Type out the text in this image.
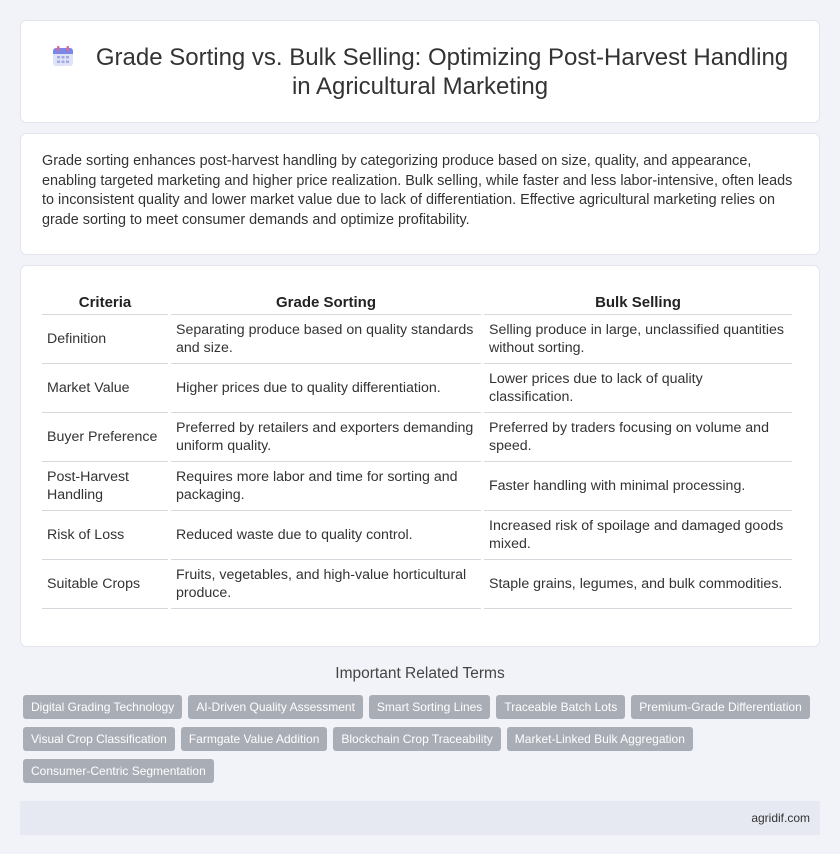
Grade Sorting vs. Bulk Selling: Optimizing Post-Harvest Handling in Agricultural Marketing

Grade sorting enhances post-harvest handling by categorizing produce based on size, quality, and appearance, enabling targeted marketing and higher price realization. Bulk selling, while faster and less labor-intensive, often leads to inconsistent quality and lower market value due to lack of differentiation. Effective agricultural marketing relies on grade sorting to meet consumer demands and optimize profitability.

Criteria	Grade Sorting	Bulk Selling
Definition	Separating produce based on quality standards and size.	Selling produce in large, unclassified quantities without sorting.
Market Value	Higher prices due to quality differentiation.	Lower prices due to lack of quality classification.
Buyer Preference	Preferred by retailers and exporters demanding uniform quality.	Preferred by traders focusing on volume and speed.
Post-Harvest Handling	Requires more labor and time for sorting and packaging.	Faster handling with minimal processing.
Risk of Loss	Reduced waste due to quality control.	Increased risk of spoilage and damaged goods mixed.
Suitable Crops	Fruits, vegetables, and high-value horticultural produce.	Staple grains, legumes, and bulk commodities.
Important Related Terms
Digital Grading Technology	AI-Driven Quality Assessment	Smart Sorting Lines	Traceable Batch Lots	Premium-Grade Differentiation
Visual Crop Classification	Farmgate Value Addition	Blockchain Crop Traceability	Market-Linked Bulk Aggregation
Consumer-Centric Segmentation
agridif.com
